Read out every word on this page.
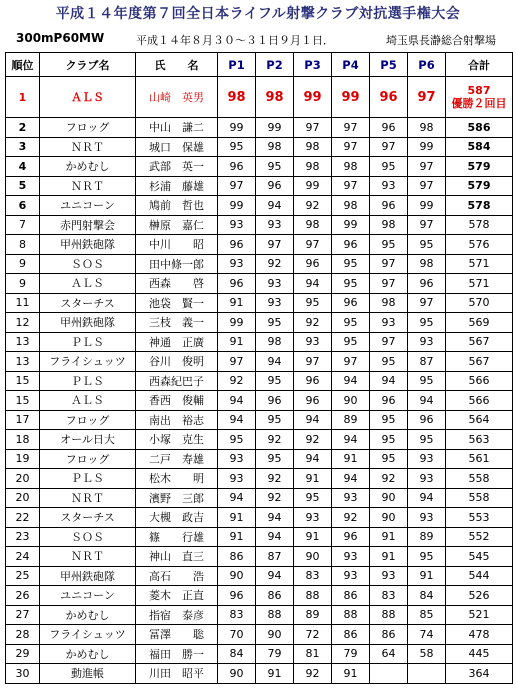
平成１４年度第７回全日本ライフル射撃クラブ対抗選手権大会
300mP60MW	平成１４年８月３０～３１日９月１日．	埼玉県長瀞総合射撃場
順位	クラブ名	氏　　名	P1	P2	P3	P4	P5	P6	合計
1	ＡＬＳ	山崎　英男	98	98	99	99	96	97	587
優勝２回目

2	フロッグ	中山　謙二	99	99	97	97	96	98	586

3	ＮＲＴ	城口　保雄	95	98	98	97	97	99	584

4	かめむし	武部　英一	96	95	98	98	95	97	579

5	ＮＲＴ	杉浦　藤雄	97	96	99	97	93	97	579

6	ユニコーン	鳩前　哲也	99	94	92	98	96	99	578

7	赤門射撃会	榊原　嘉仁	93	93	98	99	98	97	578

8	甲州鉄砲隊	中川　　昭	96	97	97	96	95	95	576

9	ＳＯＳ	田中條一郎	93	92	96	95	97	98	571

9	ＡＬＳ	西森　　啓	96	93	94	95	97	96	571

11	スターチス	池袋　賢一	91	93	95	96	98	97	570

12	甲州鉄砲隊	三枝　義一	99	95	92	95	93	95	569

13	ＰＬＳ	神通　正廣	91	98	93	95	97	93	567

13	フライシュッツ	谷川　俊明	97	94	97	97	95	87	567

15	ＰＬＳ	西森紀巴子	92	95	96	94	94	95	566

15	ＡＬＳ	香西　俊輔	94	96	96	90	96	94	566

17	フロッグ	南出　裕志	94	95	94	89	95	96	564

18	オール日大	小塚　克生	95	92	92	94	95	95	563

19	フロッグ	二戸　寿雄	93	95	94	91	95	93	561

20	ＰＬＳ	松木　　明	93	92	91	94	92	93	558

20	ＮＲＴ	濱野　三郎	94	92	95	93	90	94	558

22	スターチス	大槻　政吉	91	94	93	92	90	93	553

23	ＳＯＳ	篠　　行雄	91	94	91	96	91	89	552

24	ＮＲＴ	神山　直三	86	87	90	93	91	95	545

25	甲州鉄砲隊	高石　　浩	90	94	83	93	93	91	544

26	ユニコーン	菱木　正直	96	86	88	86	83	84	526

27	かめむし	指宿　泰彦	83	88	89	88	88	85	521

28	フライシュッツ	冨澤　　聡	70	90	72	86	86	74	478

29	かめむし	福田　勝一	84	79	81	79	64	58	445

30	動進帳	川田　昭平	90	91	92	91			364
